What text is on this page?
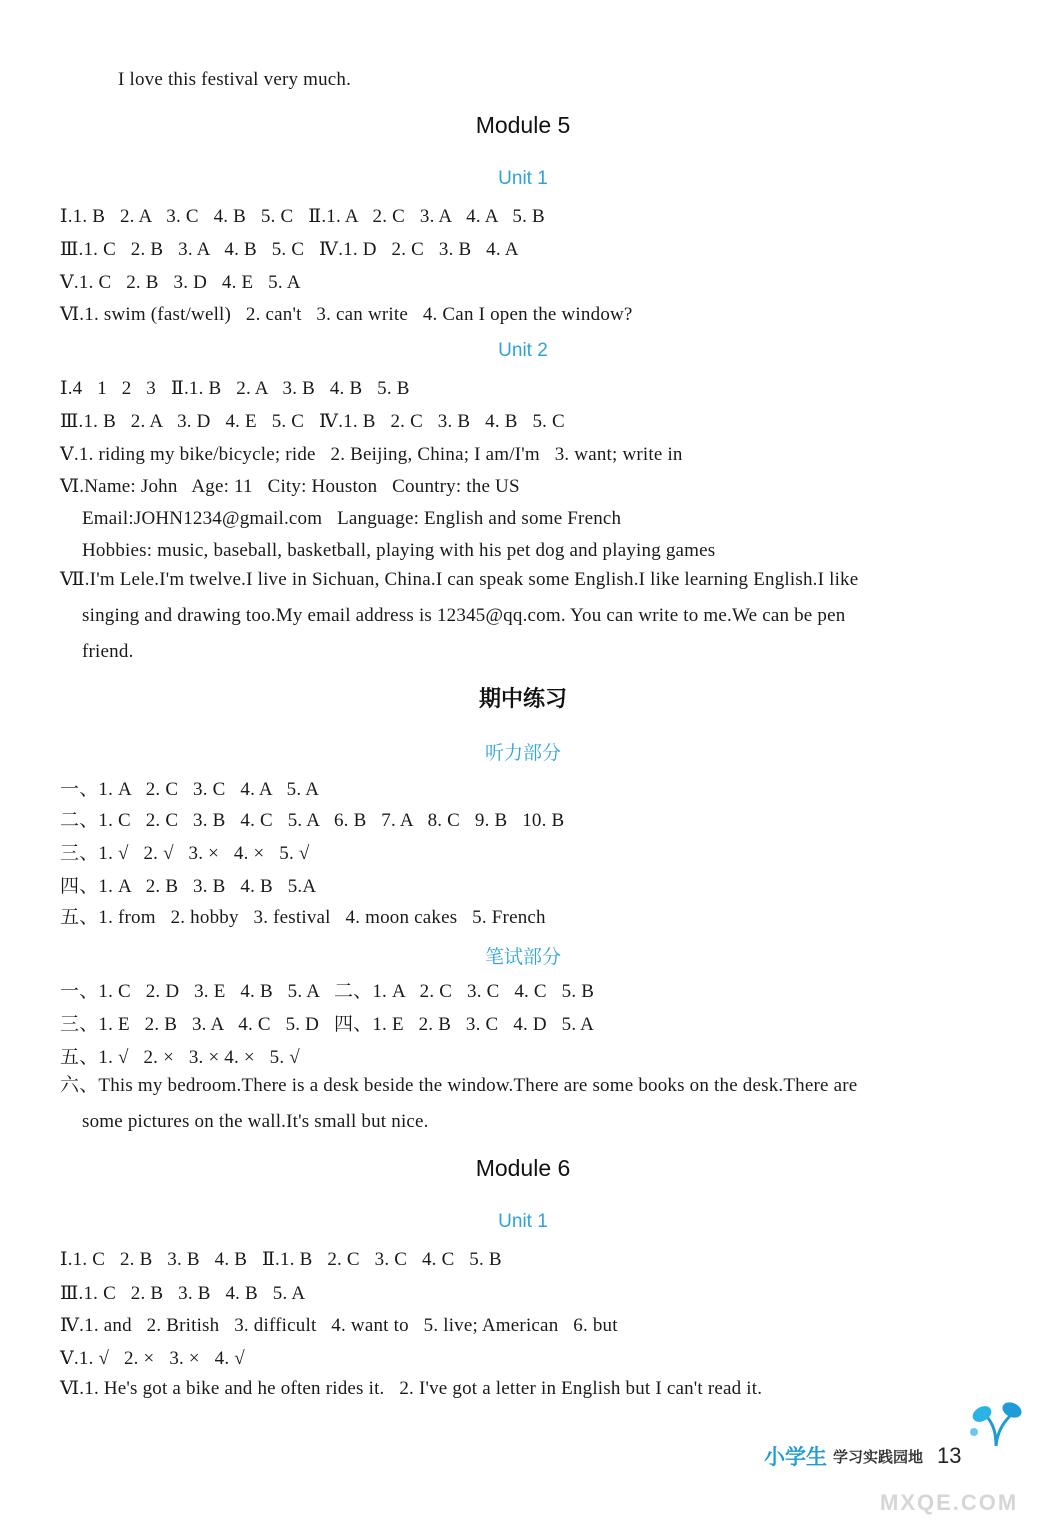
I love this festival very much.
Module 5
Unit 1
Ⅰ.1. B   2. A   3. C   4. B   5. C   Ⅱ.1. A   2. C   3. A   4. A   5. B
Ⅲ.1. C   2. B   3. A   4. B   5. C   Ⅳ.1. D   2. C   3. B   4. A
Ⅴ.1. C   2. B   3. D   4. E   5. A
Ⅵ.1. swim (fast/well)   2. can't   3. can write   4. Can I open the window?
Unit 2
Ⅰ.4   1   2   3   Ⅱ.1. B   2. A   3. B   4. B   5. B
Ⅲ.1. B   2. A   3. D   4. E   5. C   Ⅳ.1. B   2. C   3. B   4. B   5. C
Ⅴ.1. riding my bike/bicycle; ride   2. Beijing, China; I am/I'm   3. want; write in
Ⅵ.Name: John   Age: 11   City: Houston   Country: the US
Email:JOHN1234@gmail.com   Language: English and some French
Hobbies: music, baseball, basketball, playing with his pet dog and playing games
Ⅶ.I'm Lele.I'm twelve.I live in Sichuan, China.I can speak some English.I like learning English.I like
singing and drawing too.My email address is 12345@qq.com. You can write to me.We can be pen
friend.
期中练习
听力部分
一、1. A   2. C   3. C   4. A   5. A
二、1. C   2. C   3. B   4. C   5. A   6. B   7. A   8. C   9. B   10. B
三、1. √   2. √   3. ×   4. ×   5. √
四、1. A   2. B   3. B   4. B   5.A
五、1. from   2. hobby   3. festival   4. moon cakes   5. French
笔试部分
一、1. C   2. D   3. E   4. B   5. A   二、1. A   2. C   3. C   4. C   5. B
三、1. E   2. B   3. A   4. C   5. D   四、1. E   2. B   3. C   4. D   5. A
五、1. √   2. ×   3. × 4. ×   5. √
六、This my bedroom.There is a desk beside the window.There are some books on the desk.There are
some pictures on the wall.It's small but nice.
Module 6
Unit 1
Ⅰ.1. C   2. B   3. B   4. B   Ⅱ.1. B   2. C   3. C   4. C   5. B
Ⅲ.1. C   2. B   3. B   4. B   5. A
Ⅳ.1. and   2. British   3. difficult   4. want to   5. live; American   6. but
Ⅴ.1. √   2. ×   3. ×   4. √
Ⅵ.1. He's got a bike and he often rides it.   2. I've got a letter in English but I can't read it.
小学生 学习实践园地 13
MXQE.COM
